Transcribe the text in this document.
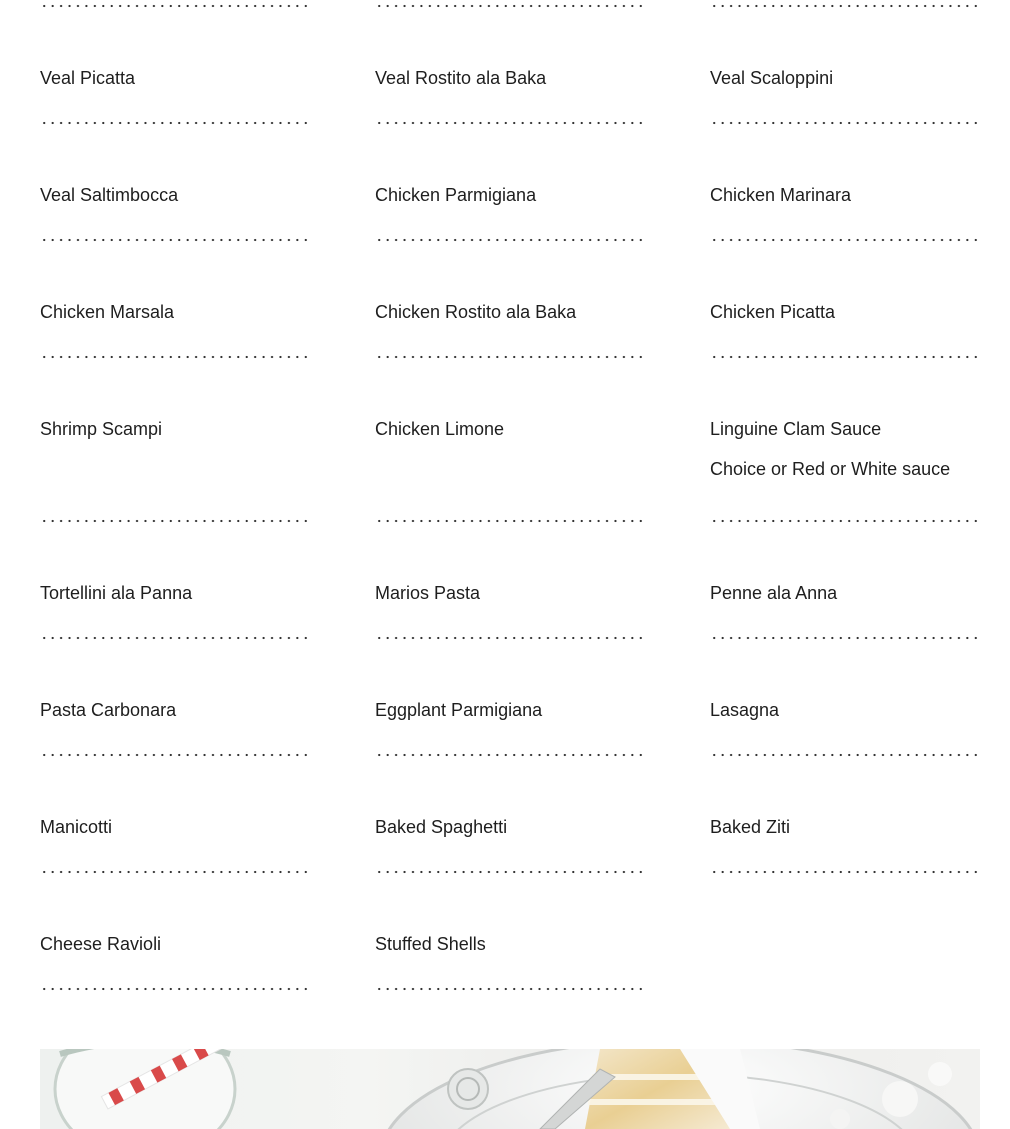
Veal Picatta
Veal Saltimbocca
Chicken Marsala
Shrimp Scampi
Tortellini ala Panna
Pasta Carbonara
Manicotti
Cheese Ravioli
Veal Rostito ala Baka
Chicken Parmigiana
Chicken Rostito ala Baka
Chicken Limone
Marios Pasta
Eggplant Parmigiana
Baked Spaghetti
Stuffed Shells
Veal Scaloppini
Chicken Marinara
Chicken Picatta
Linguine Clam Sauce
Choice or Red or White sauce
Penne ala Anna
Lasagna
Baked Ziti
